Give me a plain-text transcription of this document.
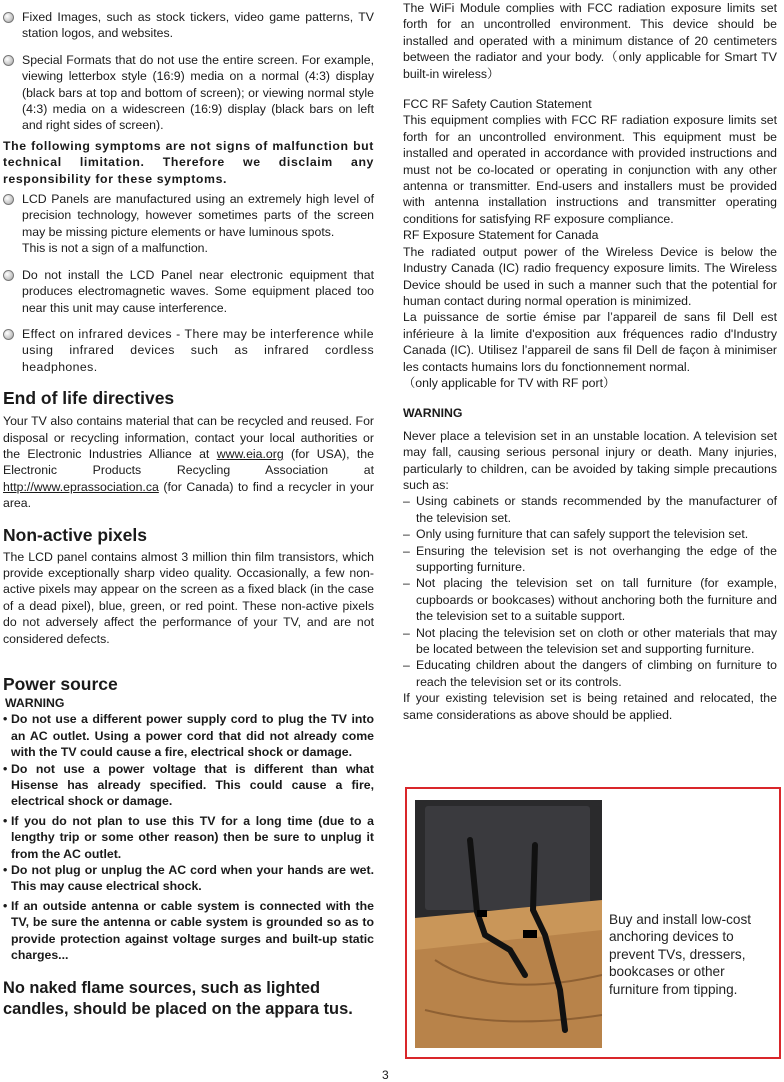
Fixed Images, such as stock tickers, video game patterns, TV station logos, and websites.
Special Formats that do not use the entire screen. For example, viewing letterbox style (16:9) media on a normal (4:3) display (black bars at top and bottom of screen); or viewing normal style (4:3) media on a widescreen (16:9) display (black bars on left and right sides of screen).

The following symptoms are not signs of malfunction but technical limitation. Therefore we disclaim any responsibility for these symptoms.

LCD Panels are manufactured using an extremely high level of precision technology, however sometimes parts of the screen may be missing picture elements or have luminous spots.
This is not a sign of a malfunction.
Do not install the LCD Panel near electronic equipment that produces electromagnetic waves. Some equipment placed too near this unit may cause interference.
Effect on infrared devices - There may be interference while using infrared devices such as infrared cordless headphones.

End of life directives

Your TV also contains material that can be recycled and reused. For disposal or recycling information, contact your local authorities or the Electronic Industries Alliance at www.eia.org (for USA), the Electronic Products Recycling Association at http://www.eprassociation.ca (for Canada) to find a recycler in your area.

Non-active pixels

The LCD panel contains almost 3 million thin film transistors, which provide exceptionally sharp video quality. Occasionally, a few non-active pixels may appear on the screen as a fixed black (in the case of a dead pixel), blue, green, or red point. These non-active pixels do not adversely affect the performance of your TV, and are not considered defects.

Power source

WARNING

• Do not use a different power supply cord to plug the TV into an AC outlet. Using a power cord that did not already come with the TV could cause a fire, electrical shock or damage.
• Do not use a power voltage that is different than what Hisense has already specified. This could cause a fire, electrical shock or damage.
• If you do not plan to use this TV for a long time (due to a lengthy trip or some other reason) then be sure to unplug it from the AC outlet.
• Do not plug or unplug the AC cord when your hands are wet. This may cause electrical shock.
• If an outside antenna or cable system is connected with the TV, be sure the antenna or cable system is grounded so as to provide protection against voltage surges and built-up static charges...

No naked flame sources, such as lighted candles, should be placed on the appara tus.

The WiFi Module complies with FCC radiation exposure limits set forth for an uncontrolled environment. This device should be installed and operated with a minimum distance of 20 centimeters between the radiator and your body.（only applicable for Smart TV built-in wireless）

FCC RF Safety Caution Statement

This equipment complies with FCC RF radiation exposure limits set forth for an uncontrolled environment. This equipment must be installed and operated in accordance with provided instructions and must not be co-located or operating in conjunction with any other antenna or transmitter. End-users and installers must be provided with antenna installation instructions and transmitter operating conditions for satisfying RF exposure compliance.

RF Exposure Statement for Canada

The radiated output power of the Wireless Device is below the Industry Canada (IC) radio frequency exposure limits. The Wireless Device should be used in such a manner such that the potential for human contact during normal operation is minimized.

La puissance de sortie émise par l’appareil de sans fil Dell est inférieure à la limite d'exposition aux fréquences radio d'Industry Canada (IC). Utilisez l’appareil de sans fil Dell de façon à minimiser les contacts humains lors du fonctionnement normal.

（only applicable for TV with RF port）

WARNING

Never place a television set in an unstable location. A television set may fall, causing serious personal injury or death. Many injuries, particularly to children, can be avoided by taking simple precautions such as:

– Using cabinets or stands recommended by the manufacturer of the television set.
– Only using furniture that can safely support the television set.
– Ensuring the television set is not overhanging the edge of the supporting furniture.
– Not placing the television set on tall furniture (for example, cupboards or bookcases) without anchoring both the furniture and the television set to a suitable support.
– Not placing the television set on cloth or other materials that may be located between the television set and supporting furniture.
– Educating children about the dangers of climbing on furniture to reach the television set or its controls.

If your existing television set is being retained and relocated, the same considerations as above should be applied.

Buy and install low-cost anchoring devices to prevent TVs, dressers, bookcases or other furniture from tipping.

3
